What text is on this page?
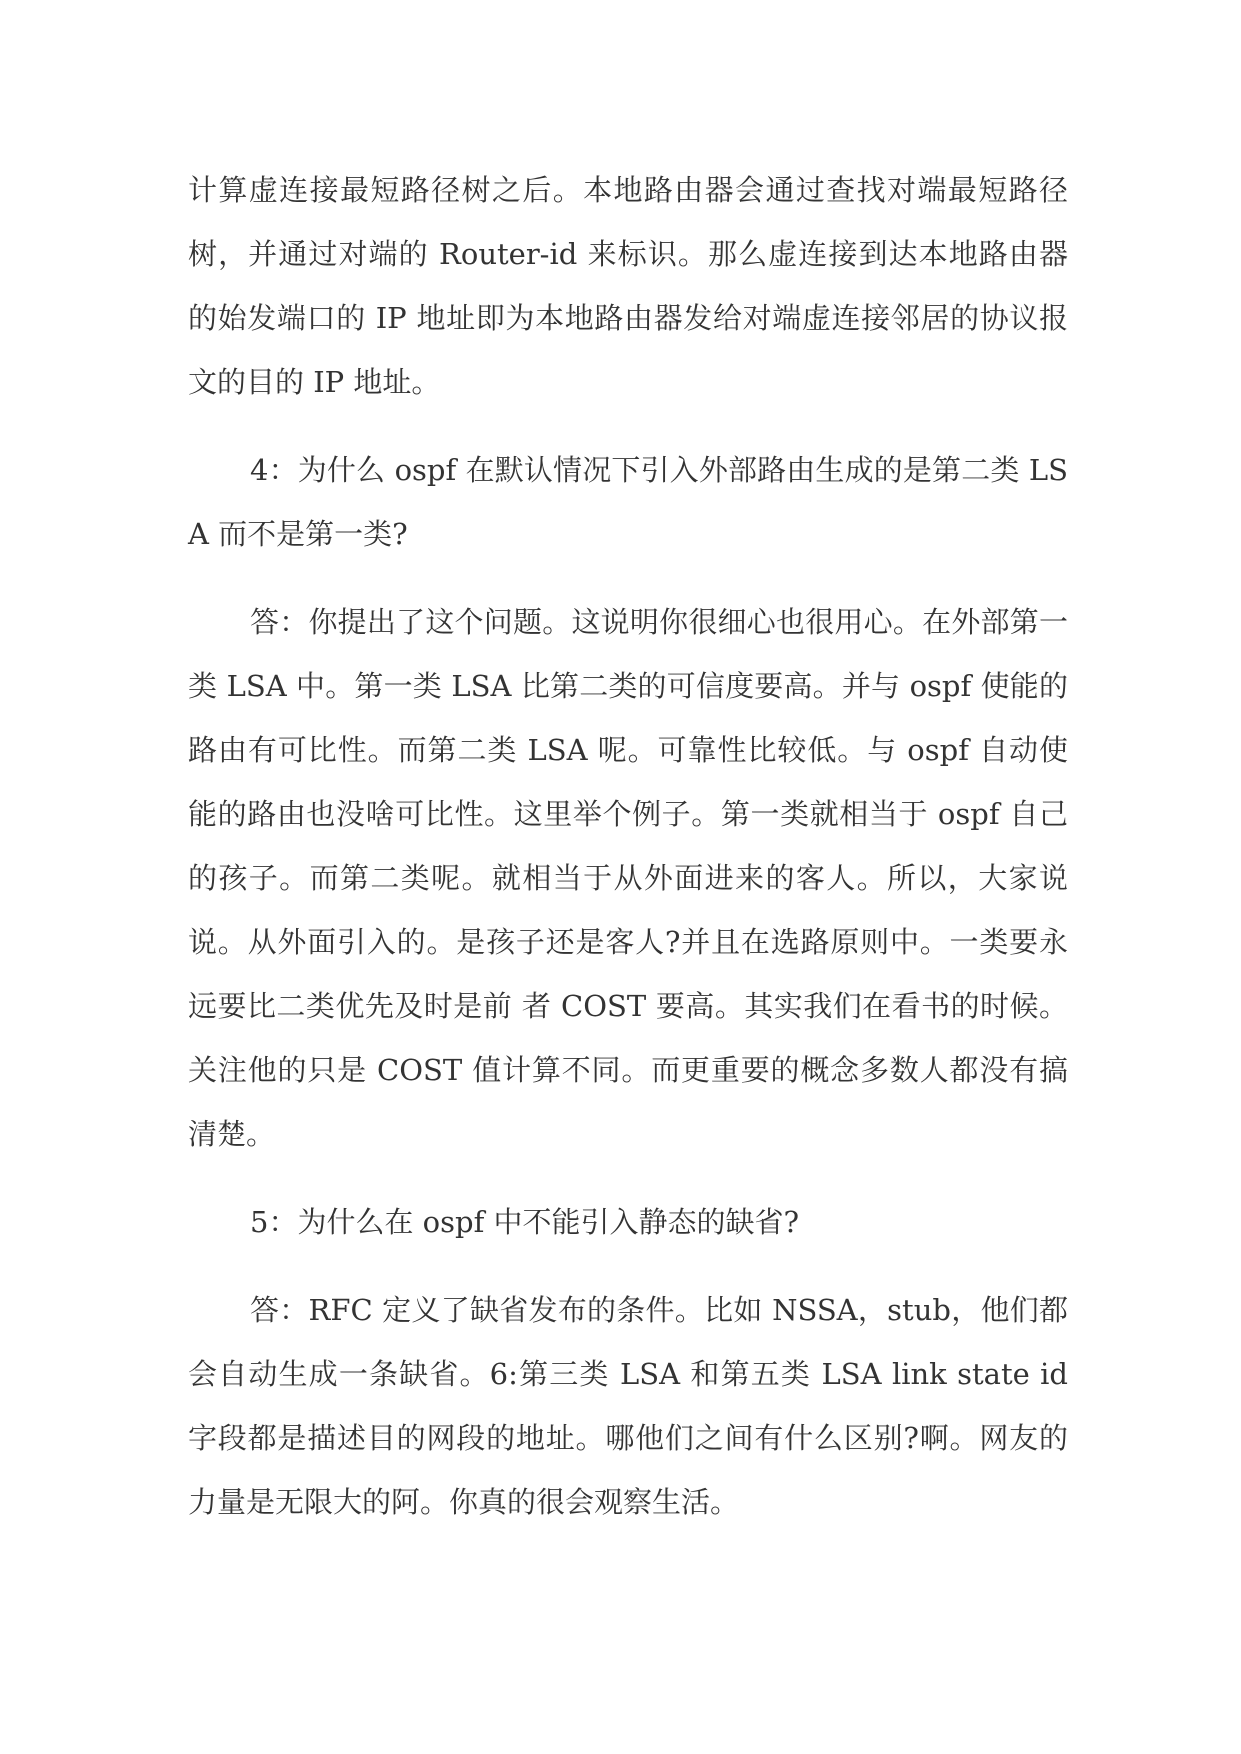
计算虚连接最短路径树之后。本地路由器会通过查找对端最短路径树，并通过对端的 Router-id 来标识。那么虚连接到达本地路由器的始发端口的 IP 地址即为本地路由器发给对端虚连接邻居的协议报文的目的 IP 地址。

4：为什么 ospf 在默认情况下引入外部路由生成的是第二类 LSA 而不是第一类?

答：你提出了这个问题。这说明你很细心也很用心。在外部第一类 LSA 中。第一类 LSA 比第二类的可信度要高。并与 ospf 使能的路由有可比性。而第二类 LSA 呢。可靠性比较低。与 ospf 自动使能的路由也没啥可比性。这里举个例子。第一类就相当于 ospf 自己的孩子。而第二类呢。就相当于从外面进来的客人。所以，大家说说。从外面引入的。是孩子还是客人?并且在选路原则中。一类要永远要比二类优先及时是前 者 COST 要高。其实我们在看书的时候。关注他的只是 COST 值计算不同。而更重要的概念多数人都没有搞清楚。

5：为什么在 ospf 中不能引入静态的缺省?

答：RFC 定义了缺省发布的条件。比如 NSSA，stub，他们都会自动生成一条缺省。6:第三类 LSA 和第五类 LSA link state id 字段都是描述目的网段的地址。哪他们之间有什么区别?啊。网友的力量是无限大的阿。你真的很会观察生活。
